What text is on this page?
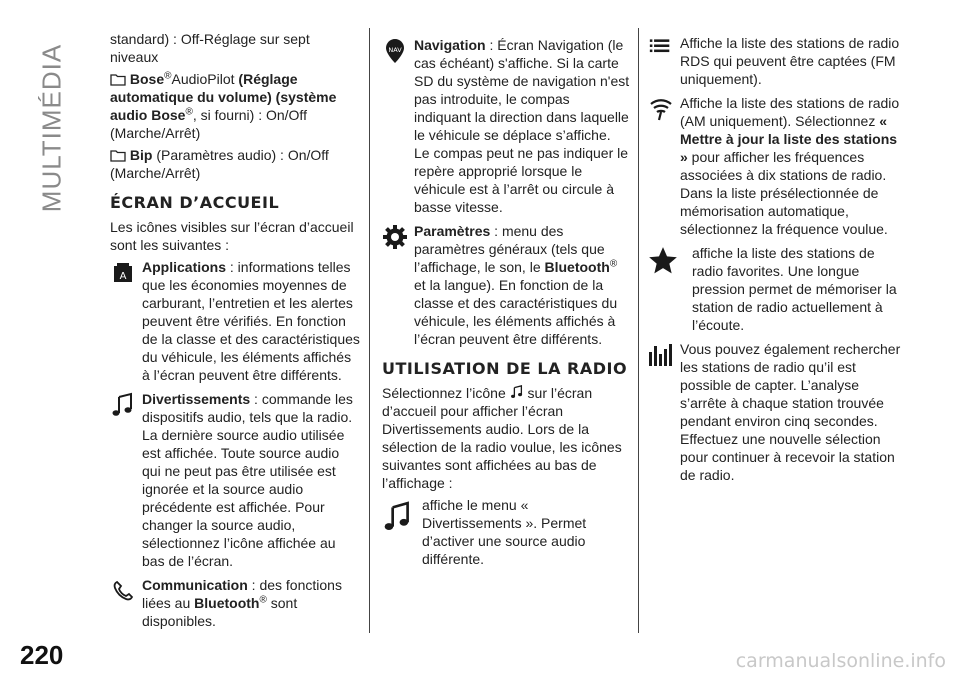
MULTIMÉDIA
220	carmanualsonline.info
standard) : Off-Réglage sur sept
niveaux
Bose®AudioPilot (Réglage automatique du volume) (système audio Bose®, si fourni) : On/Off (Marche/Arrêt)
Bip (Paramètres audio) : On/Off (Marche/Arrêt)
ÉCRAN D’ACCUEIL
Les icônes visibles sur l’écran d’accueil sont les suivantes :
A

Applications : informations telles que les économies moyennes de carburant, l’entretien et les alertes peuvent être vérifiés. En fonction de la classe et des caractéristiques du véhicule, les éléments affichés à l’écran peuvent être différents.

Divertissements : commande les dispositifs audio, tels que la radio. La dernière source audio utilisée est affichée. Toute source audio qui ne peut pas être utilisée est ignorée et la source audio précédente est affichée. Pour changer la source audio, sélectionnez l’icône affichée au bas de l’écran.

Communication : des fonctions liées au Bluetooth® sont disponibles.

NAV Navigation : Écran Navigation (le cas échéant) s'affiche. Si la carte SD du système de navigation n'est pas introduite, le compas indiquant la direction dans laquelle le véhicule se déplace s’affiche. Le compas peut ne pas indiquer le repère approprié lorsque le véhicule est à l’arrêt ou circule à basse vitesse.

Paramètres : menu des paramètres généraux (tels que l’affichage, le son, le Bluetooth® et la langue). En fonction de la classe et des caractéristiques du véhicule, les éléments affichés à l’écran peuvent être différents.

UTILISATION DE LA RADIO
Sélectionnez l’icône  sur l’écran d’accueil pour afficher l’écran Divertissements audio. Lors de la sélection de la radio voulue, les icônes suivantes sont affichées au bas de l’affichage :

affiche le menu « Divertissements ». Permet d’activer une source audio différente.

Affiche la liste des stations de radio RDS qui peuvent être captées (FM uniquement).

Affiche la liste des stations de radio (AM uniquement). Sélectionnez « Mettre à jour la liste des stations » pour afficher les fréquences associées à dix stations de radio. Dans la liste présélectionnée de mémorisation automatique, sélectionnez la fréquence voulue.

affiche la liste des stations de radio favorites. Une longue pression permet de mémoriser la station de radio actuellement à l’écoute.

Vous pouvez également rechercher les stations de radio qu’il est possible de capter. L’analyse s’arrête à chaque station trouvée pendant environ cinq secondes. Effectuez une nouvelle sélection pour continuer à recevoir la station de radio.
